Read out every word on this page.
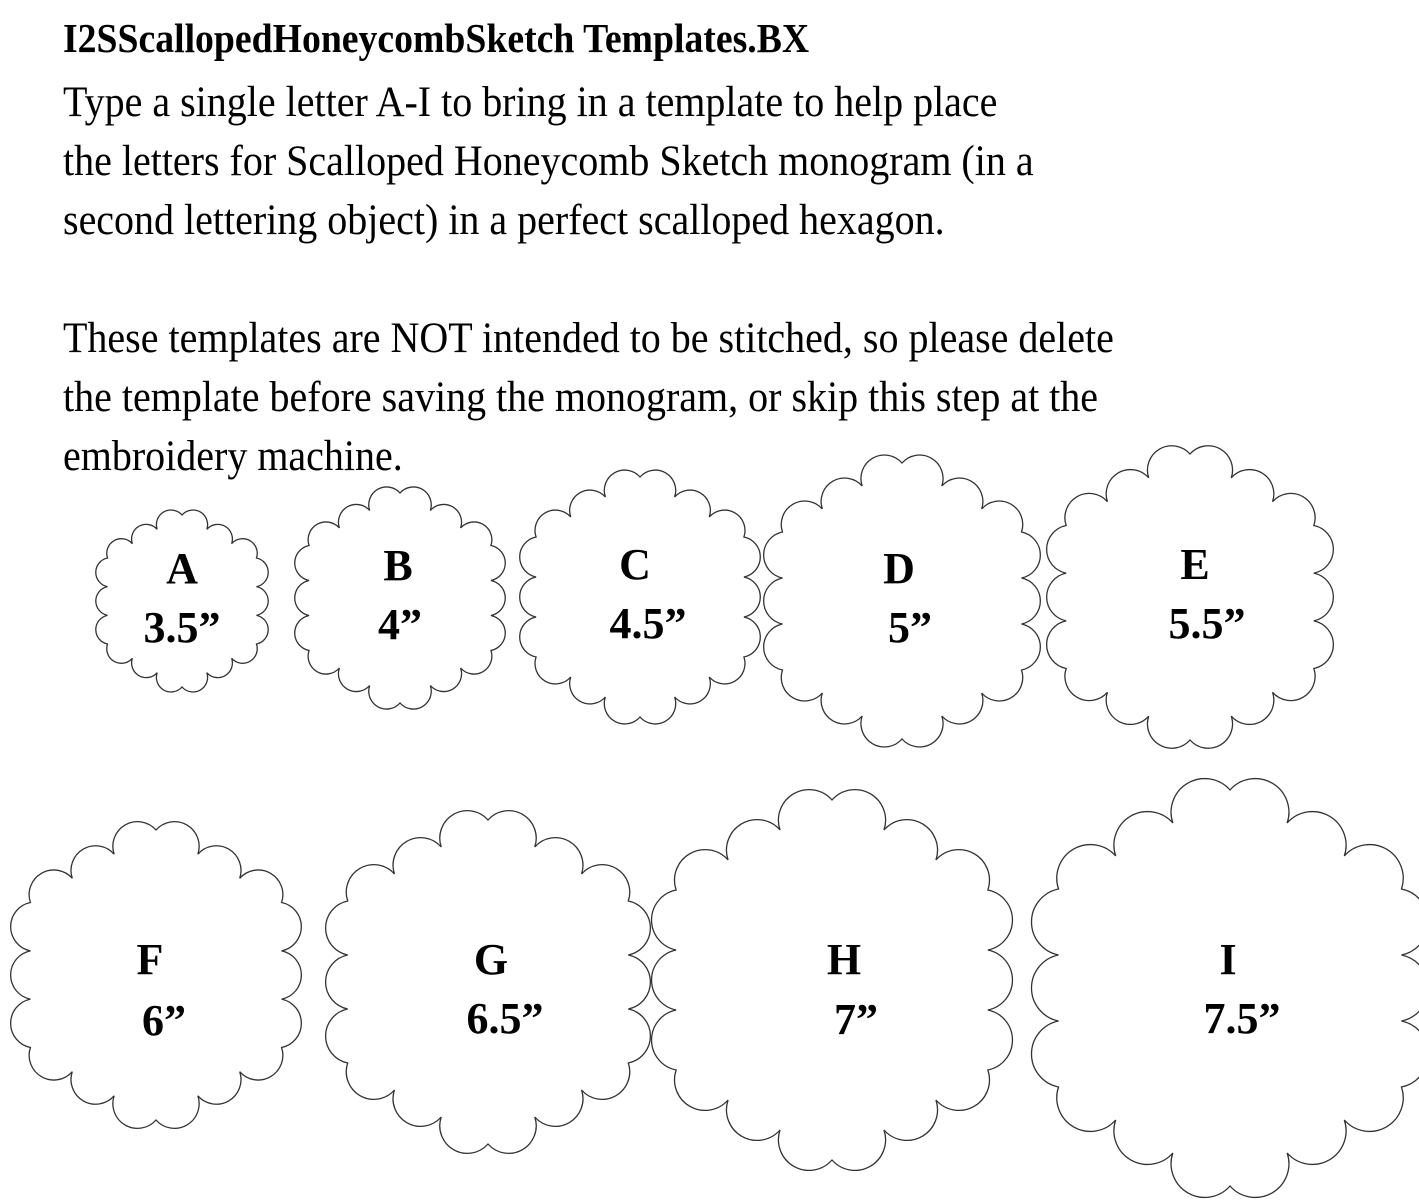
I2SScallopedHoneycombSketch Templates.BX
Type a single letter A-I to bring in a template to help place
the letters for Scalloped Honeycomb Sketch monogram (in a
second lettering object) in a perfect scalloped hexagon.
These templates are NOT intended to be stitched, so please delete
the template before saving the monogram, or skip this step at the
embroidery machine.
A
3.5”
B
4”
C
4.5”
D
5”
E
5.5”
F
6”
G
6.5”
H
7”
I
7.5”
